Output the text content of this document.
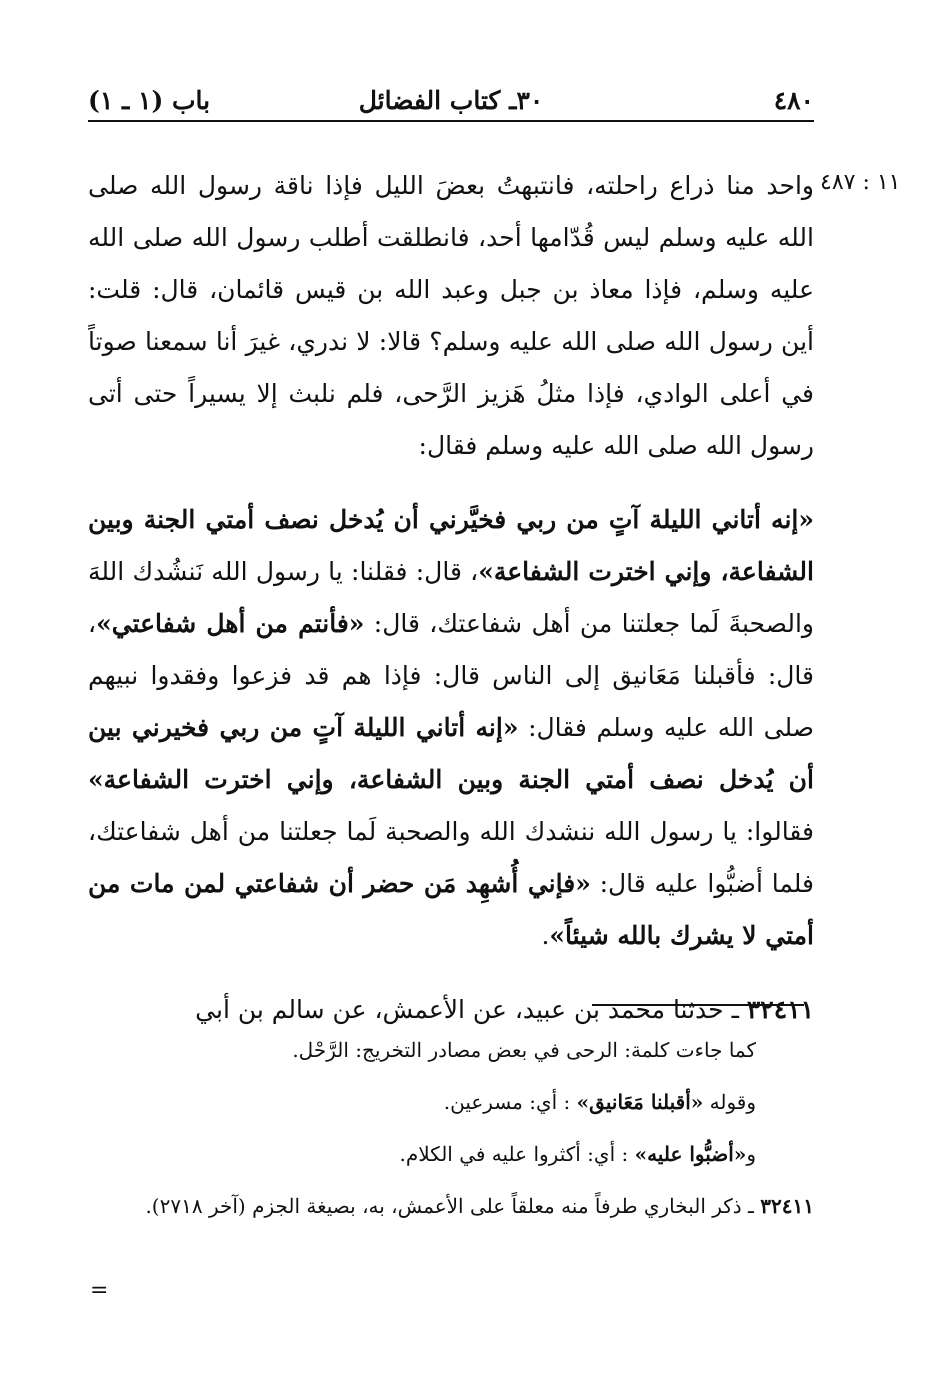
٤٨٠
٣٠ـ كتاب الفضائل
باب (١ ـ ١)
١١ : ٤٨٧

واحد منا ذراع راحلته، فانتبهتُ بعضَ الليل فإذا ناقة رسول الله صلى الله عليه وسلم ليس قُدّامها أحد، فانطلقت أطلب رسول الله صلى الله عليه وسلم، فإذا معاذ بن جبل وعبد الله بن قيس قائمان، قال: قلت: أين رسول الله صلى الله عليه وسلم؟ قالا: لا ندري، غيرَ أنا سمعنا صوتاً في أعلى الوادي، فإذا مثلُ هَزيز الرَّحى، فلم نلبث إلا يسيراً حتى أتى رسول الله صلى الله عليه وسلم فقال:

«إنه أتاني الليلة آتٍ من ربي فخيَّرني أن يُدخل نصف أمتي الجنة وبين الشفاعة، وإني اخترت الشفاعة»، قال: فقلنا: يا رسول الله نَنشُدك اللهَ والصحبةَ لَما جعلتنا من أهل شفاعتك، قال: «فأنتم من أهل شفاعتي»، قال: فأقبلنا مَعَانيق إلى الناس قال: فإذا هم قد فزعوا وفقدوا نبيهم صلى الله عليه وسلم فقال: «إنه أتاني الليلة آتٍ من ربي فخيرني بين أن يُدخل نصف أمتي الجنة وبين الشفاعة، وإني اخترت الشفاعة» فقالوا: يا رسول الله ننشدك الله والصحبة لَما جعلتنا من أهل شفاعتك، فلما أضبُّوا عليه قال: «فإني أُشهِد مَن حضر أن شفاعتي لمن مات من أمتي لا يشرك بالله شيئاً».

٣٢٤١١ ـ حدثنا محمد بن عبيد، عن الأعمش، عن سالم بن أبي

كما جاءت كلمة: الرحى في بعض مصادر التخريج: الرَّحْل.

وقوله «أقبلنا مَعَانيق» : أي: مسرعين.

و«أضبُّوا عليه» : أي: أكثروا عليه في الكلام.

٣٢٤١١ ـ ذكر البخاري طرفاً منه معلقاً على الأعمش، به، بصيغة الجزم (آخر ٢٧١٨).

=
